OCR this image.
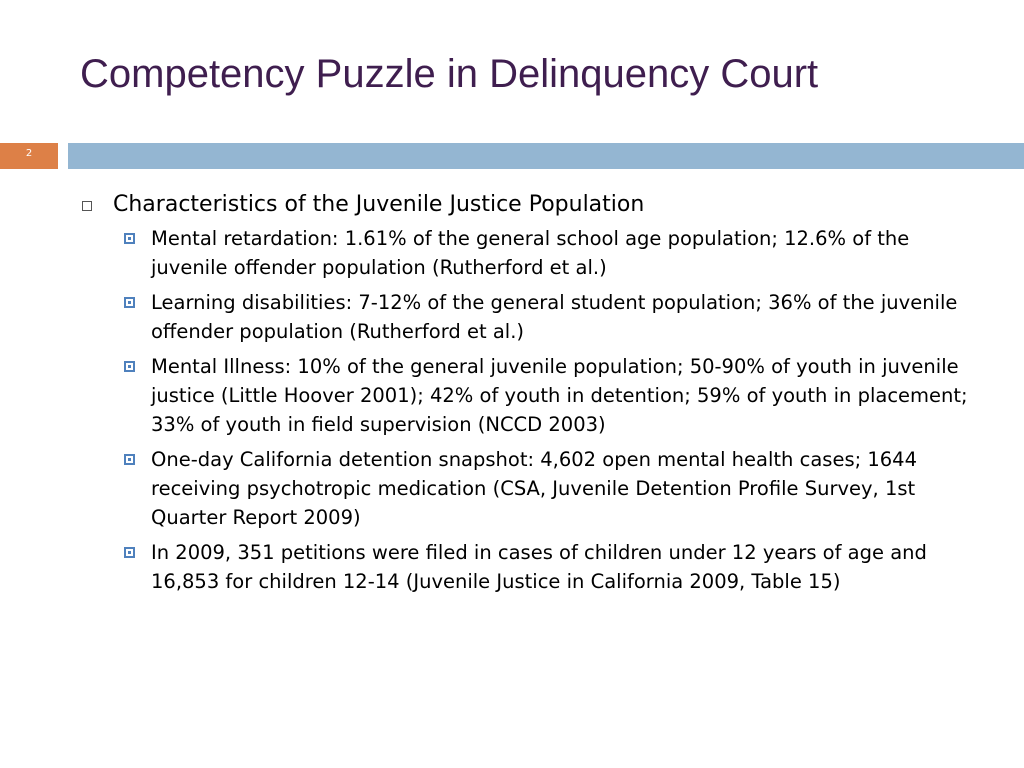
Competency Puzzle in Delinquency Court
2
Characteristics of the Juvenile Justice Population
Mental retardation: 1.61% of the general school age population; 12.6% of the juvenile offender population (Rutherford et al.)
Learning disabilities: 7-12% of the general student population; 36% of the juvenile offender population (Rutherford et al.)
Mental Illness: 10% of the general juvenile population; 50-90% of youth in juvenile justice (Little Hoover 2001); 42% of youth in detention; 59% of youth in placement; 33% of youth in field supervision (NCCD 2003)
One-day California detention snapshot: 4,602 open mental health cases; 1644 receiving psychotropic medication (CSA, Juvenile Detention Profile Survey, 1st Quarter Report 2009)
In 2009, 351 petitions were filed in cases of children under 12 years of age and 16,853 for children 12-14 (Juvenile Justice in California 2009, Table 15)
